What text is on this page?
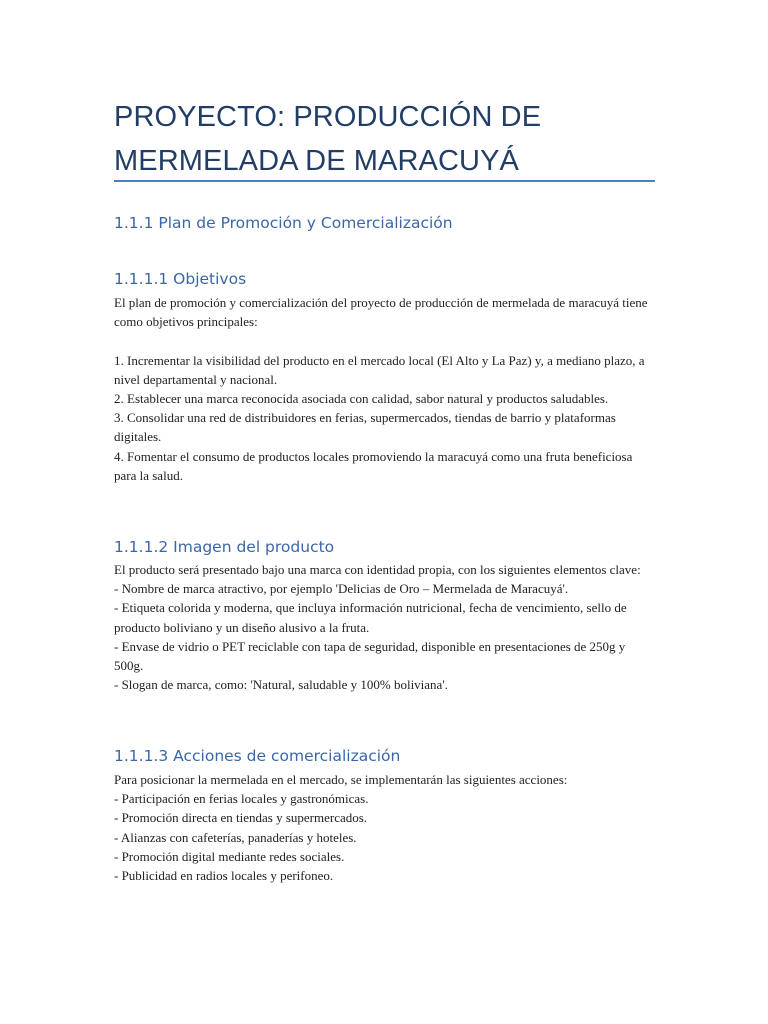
PROYECTO: PRODUCCIÓN DE MERMELADA DE MARACUYÁ
1.1.1 Plan de Promoción y Comercialización
1.1.1.1 Objetivos

El plan de promoción y comercialización del proyecto de producción de mermelada de maracuyá tiene como objetivos principales:

1. Incrementar la visibilidad del producto en el mercado local (El Alto y La Paz) y, a mediano plazo, a nivel departamental y nacional.

2. Establecer una marca reconocida asociada con calidad, sabor natural y productos saludables.

3. Consolidar una red de distribuidores en ferias, supermercados, tiendas de barrio y plataformas digitales.

4. Fomentar el consumo de productos locales promoviendo la maracuyá como una fruta beneficiosa para la salud.

1.1.1.2 Imagen del producto

El producto será presentado bajo una marca con identidad propia, con los siguientes elementos clave:

- Nombre de marca atractivo, por ejemplo 'Delicias de Oro – Mermelada de Maracuyá'.

- Etiqueta colorida y moderna, que incluya información nutricional, fecha de vencimiento, sello de producto boliviano y un diseño alusivo a la fruta.

- Envase de vidrio o PET reciclable con tapa de seguridad, disponible en presentaciones de 250g y 500g.

- Slogan de marca, como: 'Natural, saludable y 100% boliviana'.

1.1.1.3 Acciones de comercialización

Para posicionar la mermelada en el mercado, se implementarán las siguientes acciones:

- Participación en ferias locales y gastronómicas.

- Promoción directa en tiendas y supermercados.

- Alianzas con cafeterías, panaderías y hoteles.

- Promoción digital mediante redes sociales.

- Publicidad en radios locales y perifoneo.
